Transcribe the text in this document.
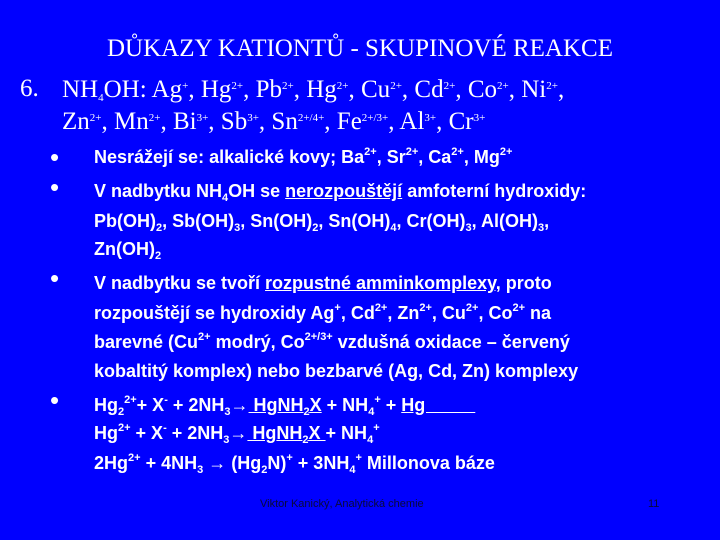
DŮKAZY KATIONTŮ - SKUPINOVÉ REAKCE
6. $NH_4OH$: Ag+, $Hg^{2+}$, $Pb^{2+}$, $Hg^{2+}$, $Cu^{2+}$, $Cd^{2+}$, $Co^{2+}$, $Ni^{2+}$,
$Zn^{2+}$, $Mn^{2+}$, $Bi^{3+}$, $Sb^{3+}$, $Sn^{2+/4+}$, $Fe^{2+/3+}$, $Al^{3+}$, $Cr^{3+}$
•	Nesrážejí se: alkalické kovy; $Ba^{2+}$, $Sr^{2+}$, $Ca^{2+}$, $Mg^{2+}$
•	V nadbytku $NH_4OH$ se nerozpouštějí amfoterní hydroxidy:
$Pb(OH)_2$, $Sb(OH)_3$, $Sn(OH)_2$, $Sn(OH)_4$, $Cr(OH)_3$, $Al(OH)_3$,
$Zn(OH)_2$
•	V nadbytku se tvoří rozpustné amminkomplexy, proto
rozpouštějí se hydroxidy Ag+, $Cd^{2+}$, $Zn^{2+}$, $Cu^{2+}$, $Co^{2+}$ na
barevné ($Cu^{2+}$ modrý, $Co^{2+/3+}$ vzdušná oxidace – červený
kobaltitý komplex) nebo bezbarvé (Ag, Cd, Zn) komplexy
•	$Hg_2^{2+}+ X^- + 2NH_3\to$ HgNH$_2$X + $NH_4^+ + Hg$
$Hg^{2+} + X^- + 2NH_3\to$ HgNH$_2$X + $NH_4^+$
$2Hg^{2+} + 4NH_3 \to (Hg_2N)^+ + 3NH_4^+$ Millonova báze
Viktor Kanický, Analytická chemie	11
